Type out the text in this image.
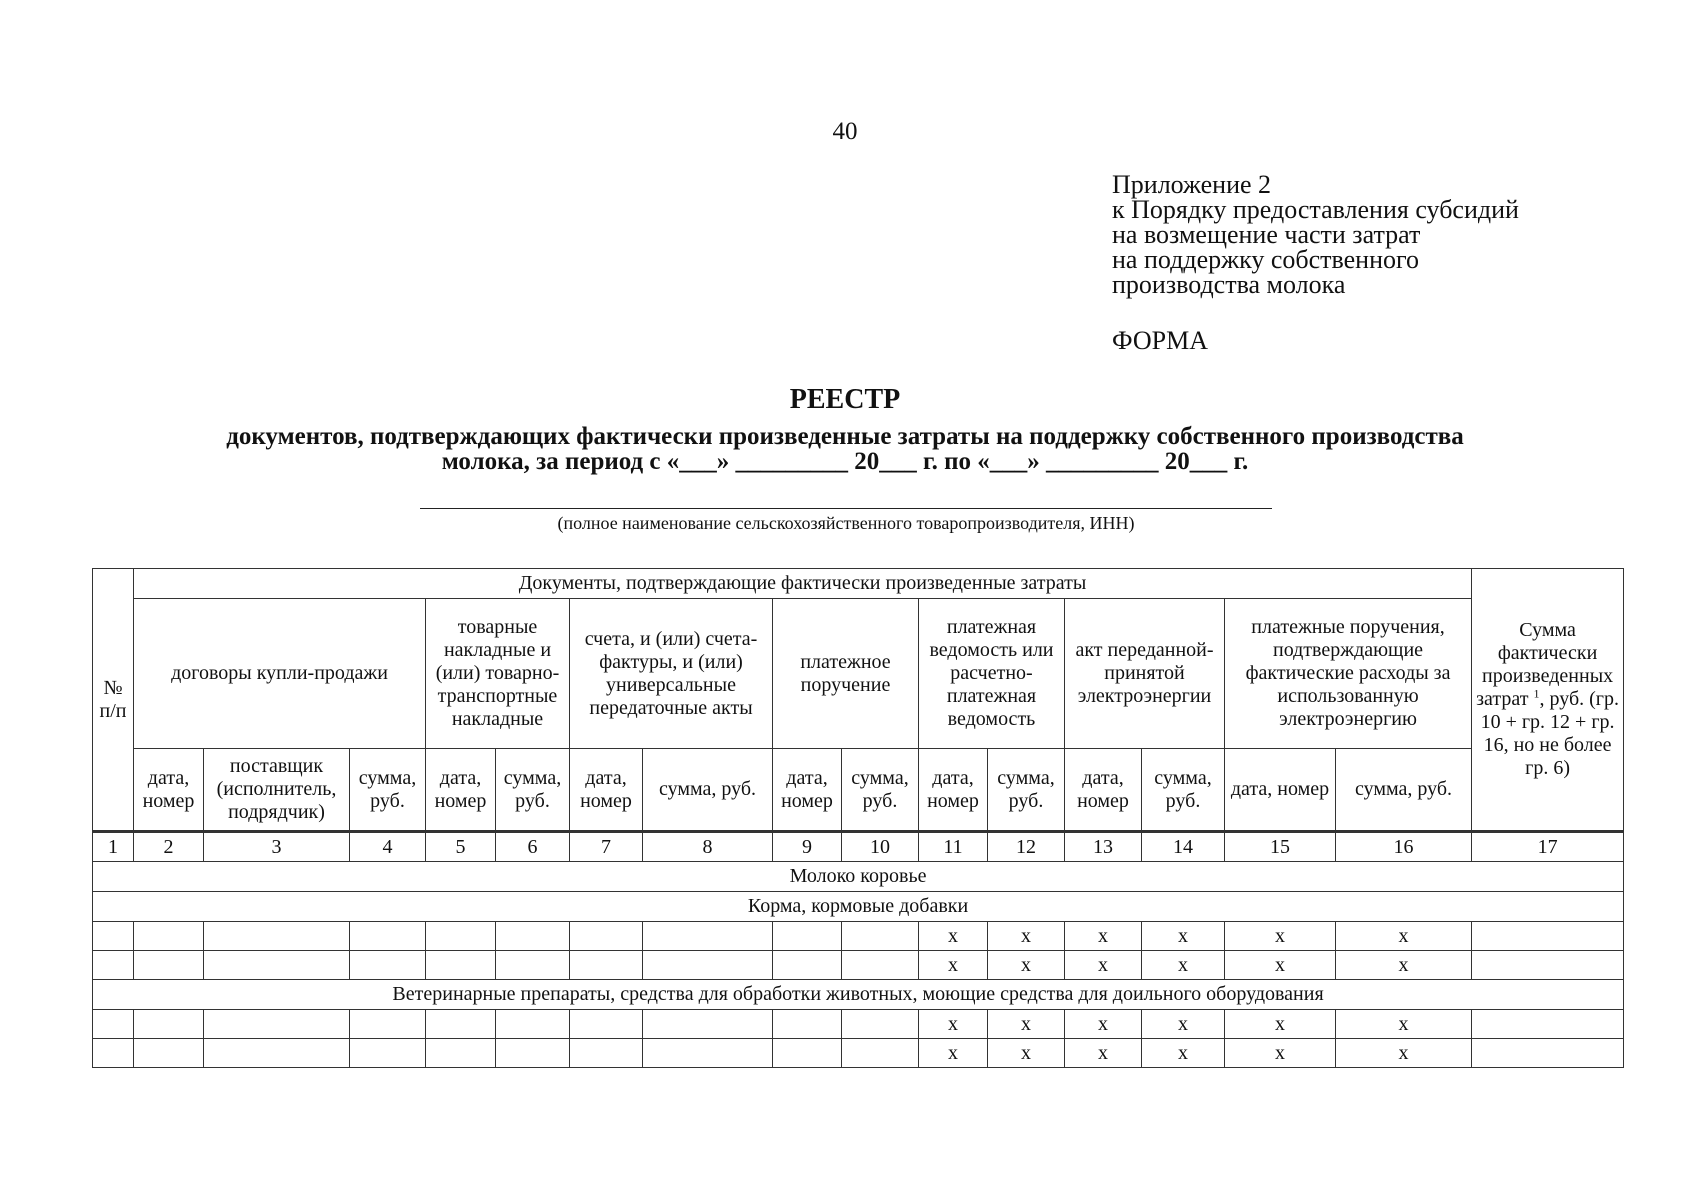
40
Приложение 2
к Порядку предоставления субсидий
на возмещение части затрат
на поддержку собственного
производства молока
ФОРМА
РЕЕСТР
документов, подтверждающих фактически произведенные затраты на поддержку собственного производства
молока, за период с «___» _________ 20___ г. по «___» _________ 20___ г.
(полное наименование сельскохозяйственного товаропроизводителя, ИНН)
№ п/п	Документы, подтверждающие фактически произведенные затраты															Сумма фактически произведенных затрат $^1$, руб. (гр. 10 + гр. 12 + гр. 16, но не более гр. 6)
	договоры купли-продажи			товарные накладные и (или) товарно-транспортные накладные		счета, и (или) счета-фактуры, и (или) универсальные передаточные акты		платежное поручение		платежная ведомость или расчетно-платежная ведомость		акт переданной-принятой электроэнергии		платежные поручения, подтверждающие фактические расходы за использованную электроэнергию		
	дата, номер	поставщик (исполнитель, подрядчик)	сумма, руб.	дата, номер	сумма, руб.	дата, номер	сумма, руб.	дата, номер	сумма, руб.	дата, номер	сумма, руб.	дата, номер	сумма, руб.	дата, номер	сумма, руб.	
1	2	3	4	5	6	7	8	9	10	11	12	13	14	15	16	17
Молоко коровье																
Корма, кормовые добавки																
										х	х	х	х	х	х	
										х	х	х	х	х	х	
Ветеринарные препараты, средства для обработки животных, моющие средства для доильного оборудования																
										х	х	х	х	х	х	
										х	х	х	х	х	х	
